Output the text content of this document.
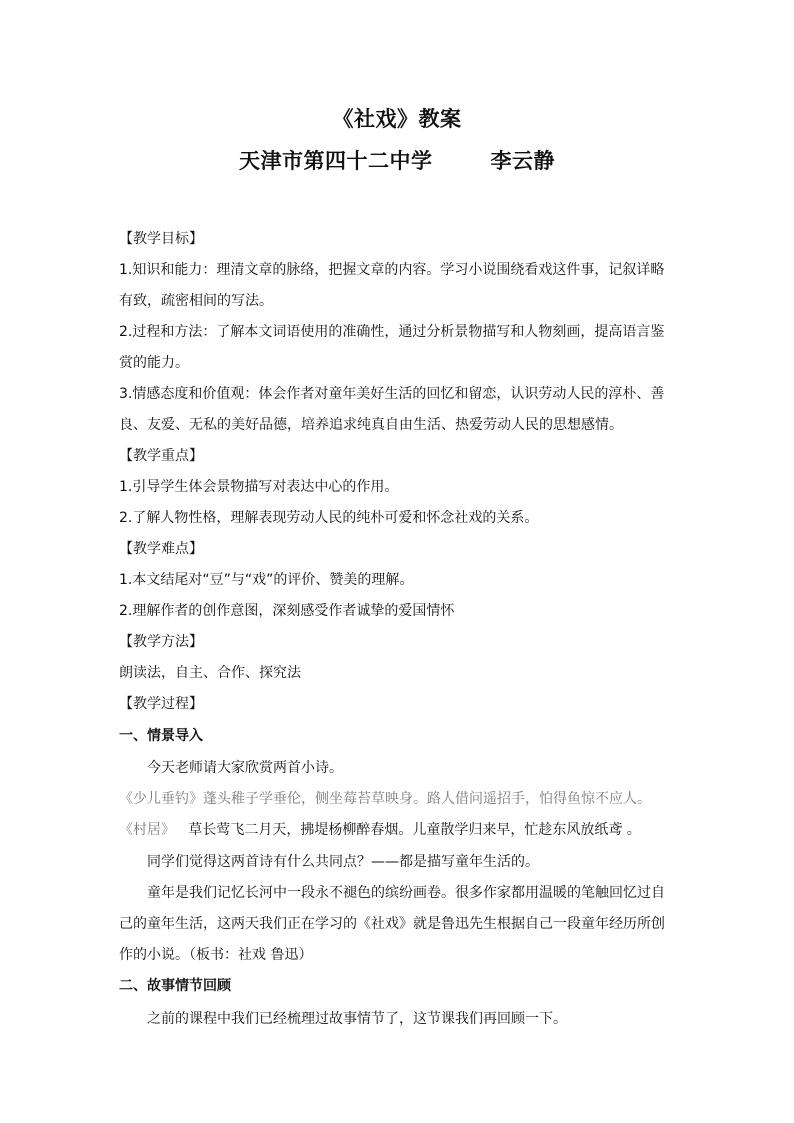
《社戏》教案
天津市第四十二中学	李云静
【教学目标】
1.知识和能力：理清文章的脉络，把握文章的内容。学习小说围绕看戏这件事，记叙详略
有致，疏密相间的写法。
2.过程和方法：了解本文词语使用的准确性，通过分析景物描写和人物刻画，提高语言鉴
赏的能力。
3.情感态度和价值观：体会作者对童年美好生活的回忆和留恋，认识劳动人民的淳朴、善
良、友爱、无私的美好品德，培养追求纯真自由生活、热爱劳动人民的思想感情。
【教学重点】
1.引导学生体会景物描写对表达中心的作用。
2.了解人物性格，理解表现劳动人民的纯朴可爱和怀念社戏的关系。
【教学难点】
1.本文结尾对“豆”与“戏”的评价、赞美的理解。
2.理解作者的创作意图，深刻感受作者诚挚的爱国情怀
【教学方法】
朗读法，自主、合作、探究法
【教学过程】
一、情景导入
今天老师请大家欣赏两首小诗。
《少儿垂钓》蓬头稚子学垂伦，侧坐莓苔草映身。路人借问遥招手，怕得鱼惊不应人。
《村居》 草长莺飞二月天，拂堤杨柳醉春烟。儿童散学归来早，忙趁东风放纸鸢 。
同学们觉得这两首诗有什么共同点？——都是描写童年生活的。
童年是我们记忆长河中一段永不褪色的缤纷画卷。很多作家都用温暖的笔触回忆过自
己的童年生活，这两天我们正在学习的《社戏》就是鲁迅先生根据自己一段童年经历所创
作的小说。（板书：社戏 鲁迅）
二、故事情节回顾
之前的课程中我们已经梳理过故事情节了，这节课我们再回顾一下。
